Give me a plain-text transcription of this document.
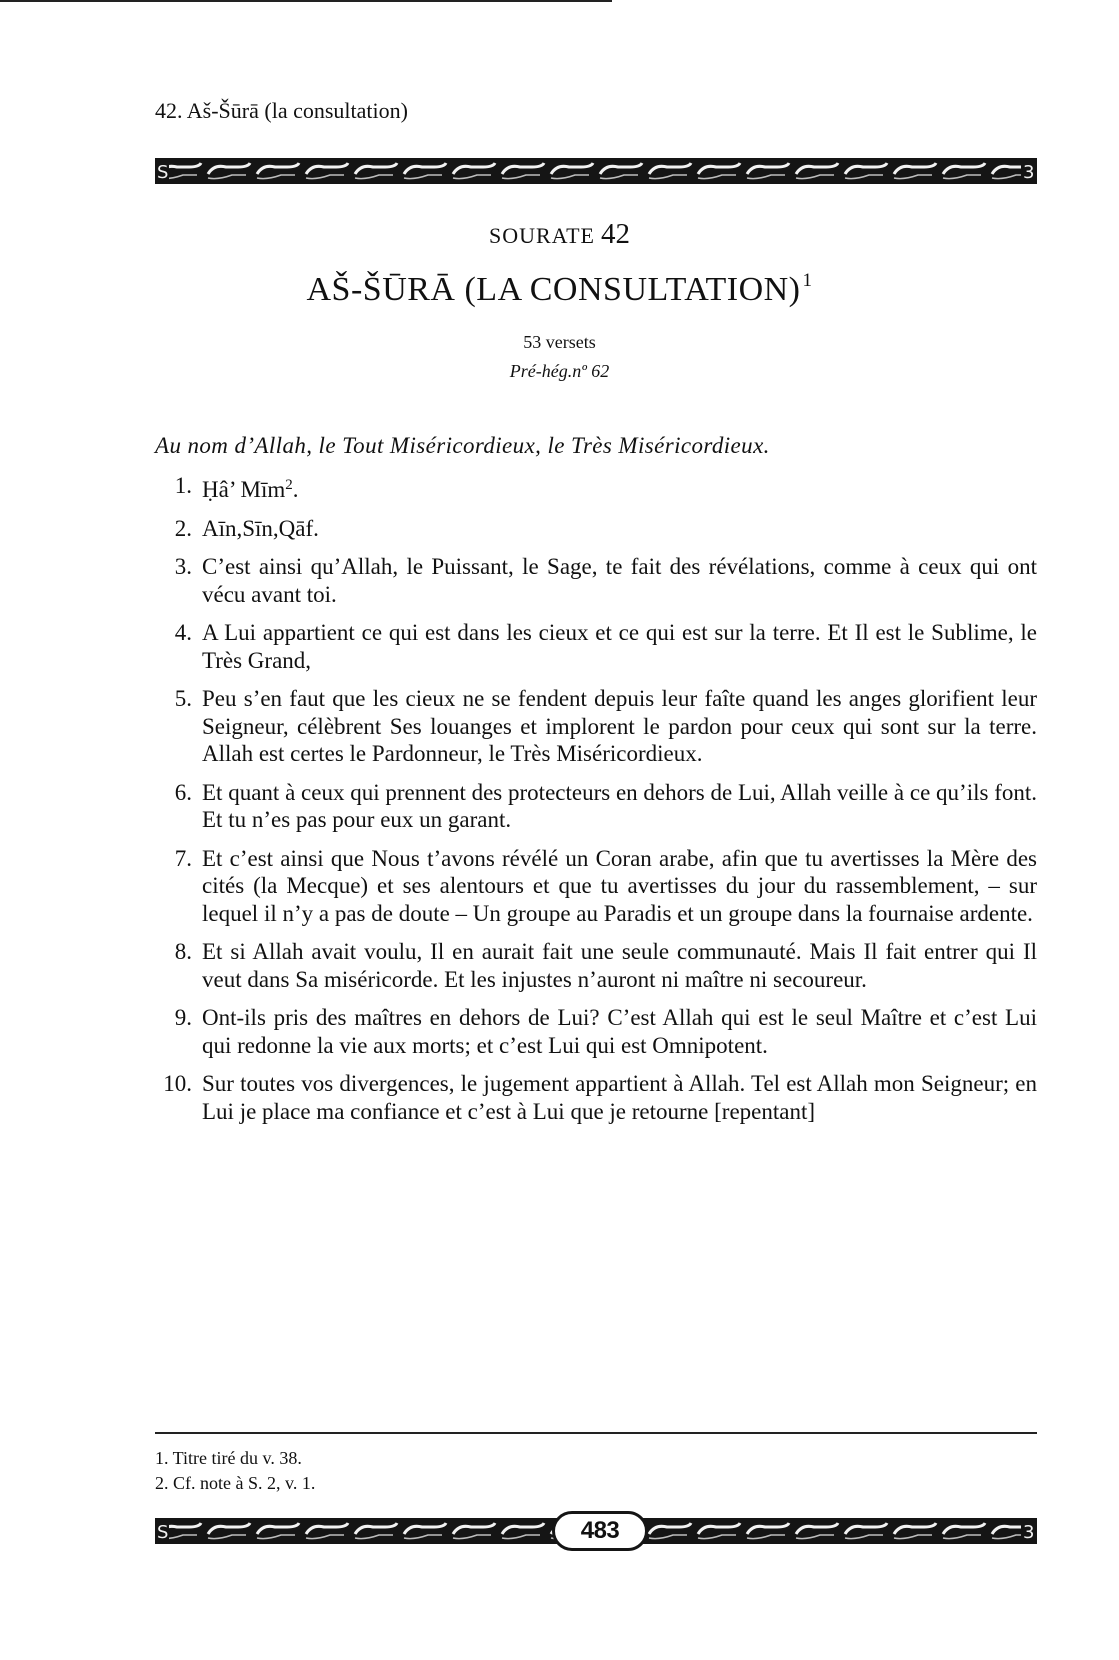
42. Aš-Šūrā (la consultation)
S	3
SOURATE 42
AŠ-ŠŪRĀ (LA CONSULTATION) $^1$
53 versets
Pré-hég.nº 62
Au nom d’Allah, le Tout Miséricordieux, le Très Miséricordieux.
1. Ḥâ’ Mīm$^2$.
2. Aīn,Sīn,Qāf.
3. C’est ainsi qu’Allah, le Puissant, le Sage, te fait des révélations, comme à ceux qui ont vécu avant toi.
4. A Lui appartient ce qui est dans les cieux et ce qui est sur la terre. Et Il est le Sublime, le Très Grand,
5. Peu s’en faut que les cieux ne se fendent depuis leur faîte quand les anges glorifient leur Seigneur, célèbrent Ses louanges et implorent le pardon pour ceux qui sont sur la terre. Allah est certes le Pardonneur, le Très Miséricordieux.
6. Et quant à ceux qui prennent des protecteurs en dehors de Lui, Allah veille à ce qu’ils font. Et tu n’es pas pour eux un garant.
7. Et c’est ainsi que Nous t’avons révélé un Coran arabe, afin que tu avertisses la Mère des cités (la Mecque) et ses alentours et que tu avertisses du jour du rassemblement, – sur lequel il n’y a pas de doute – Un groupe au Paradis et un groupe dans la fournaise ardente.
8. Et si Allah avait voulu, Il en aurait fait une seule communauté. Mais Il fait entrer qui Il veut dans Sa miséricorde. Et les injustes n’auront ni maître ni secoureur.
9. Ont-ils pris des maîtres en dehors de Lui? C’est Allah qui est le seul Maître et c’est Lui qui redonne la vie aux morts; et c’est Lui qui est Omnipotent.
10. Sur toutes vos divergences, le jugement appartient à Allah. Tel est Allah mon Seigneur; en Lui je place ma confiance et c’est à Lui que je retourne [repentant]
1. Titre tiré du v. 38.
2. Cf. note à S. 2, v. 1.
S	3
483
